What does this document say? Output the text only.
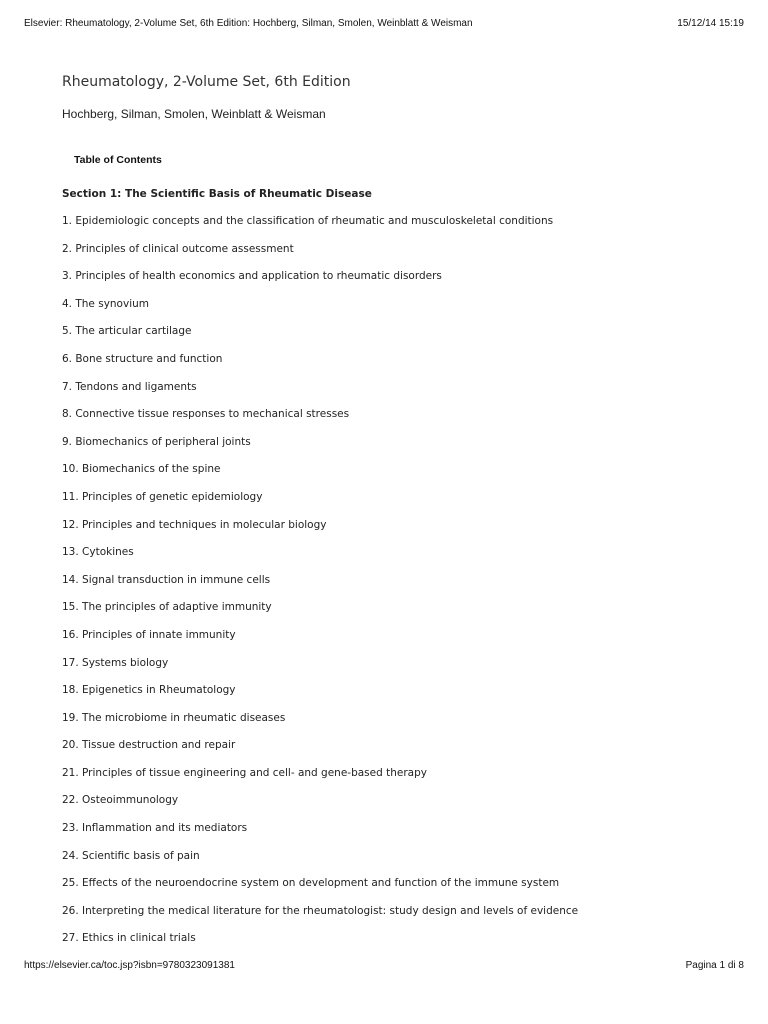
Elsevier: Rheumatology, 2-Volume Set, 6th Edition: Hochberg, Silman, Smolen, Weinblatt & Weisman	15/12/14 15:19
Rheumatology, 2-Volume Set, 6th Edition

Hochberg, Silman, Smolen, Weinblatt & Weisman

Table of Contents
Section 1: The Scientific Basis of Rheumatic Disease
1. Epidemiologic concepts and the classification of rheumatic and musculoskeletal conditions
2. Principles of clinical outcome assessment
3. Principles of health economics and application to rheumatic disorders
4. The synovium
5. The articular cartilage
6. Bone structure and function
7. Tendons and ligaments
8. Connective tissue responses to mechanical stresses
9. Biomechanics of peripheral joints
10. Biomechanics of the spine
11. Principles of genetic epidemiology
12. Principles and techniques in molecular biology
13. Cytokines
14. Signal transduction in immune cells
15. The principles of adaptive immunity
16. Principles of innate immunity
17. Systems biology
18. Epigenetics in Rheumatology
19. The microbiome in rheumatic diseases
20. Tissue destruction and repair
21. Principles of tissue engineering and cell- and gene-based therapy
22. Osteoimmunology
23. Inflammation and its mediators
24. Scientific basis of pain
25. Effects of the neuroendocrine system on development and function of the immune system
26. Interpreting the medical literature for the rheumatologist: study design and levels of evidence
27. Ethics in clinical trials
https://elsevier.ca/toc.jsp?isbn=9780323091381	Pagina 1 di 8
